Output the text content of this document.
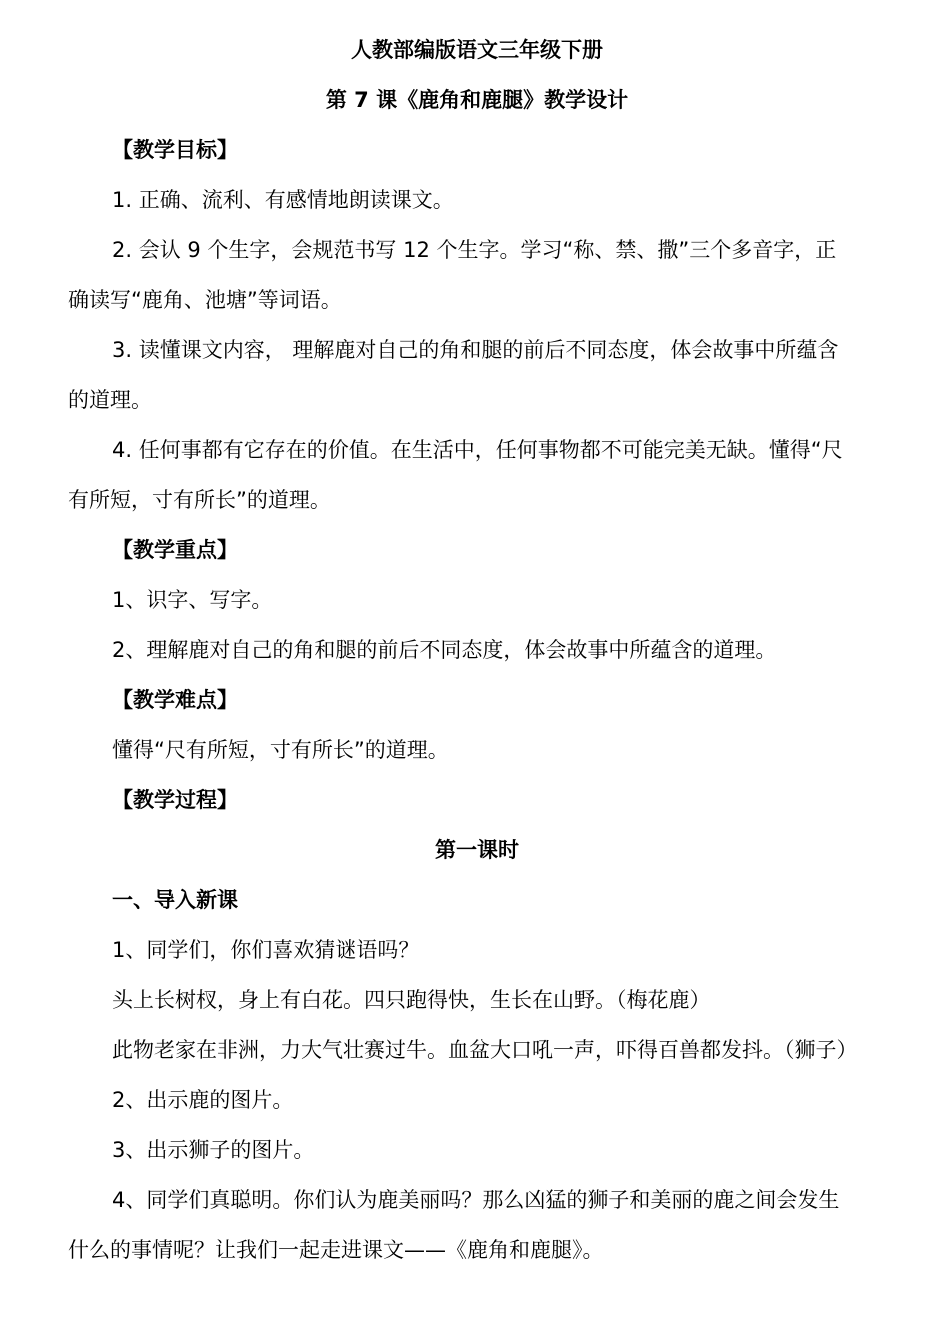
人教部编版语文三年级下册
第 7 课《鹿角和鹿腿》教学设计
【教学目标】
1. 正确、流利、有感情地朗读课文。
2. 会认 9 个生字，会规范书写 12 个生字。学习“称、禁、撒”三个多音字，正
确读写“鹿角、池塘”等词语。
3. 读懂课文内容， 理解鹿对自己的角和腿的前后不同态度，体会故事中所蕴含
的道理。
4. 任何事都有它存在的价值。在生活中，任何事物都不可能完美无缺。懂得“尺
有所短，寸有所长”的道理。
【教学重点】
1、识字、写字。
2、理解鹿对自己的角和腿的前后不同态度，体会故事中所蕴含的道理。
【教学难点】
懂得“尺有所短，寸有所长”的道理。
【教学过程】
第一课时
一、导入新课
1、同学们，你们喜欢猜谜语吗？
头上长树杈，身上有白花。四只跑得快，生长在山野。（梅花鹿）
此物老家在非洲，力大气壮赛过牛。血盆大口吼一声，吓得百兽都发抖。（狮子）
2、出示鹿的图片。
3、出示狮子的图片。
4、同学们真聪明。你们认为鹿美丽吗？那么凶猛的狮子和美丽的鹿之间会发生
什么的事情呢？让我们一起走进课文——《鹿角和鹿腿》。
